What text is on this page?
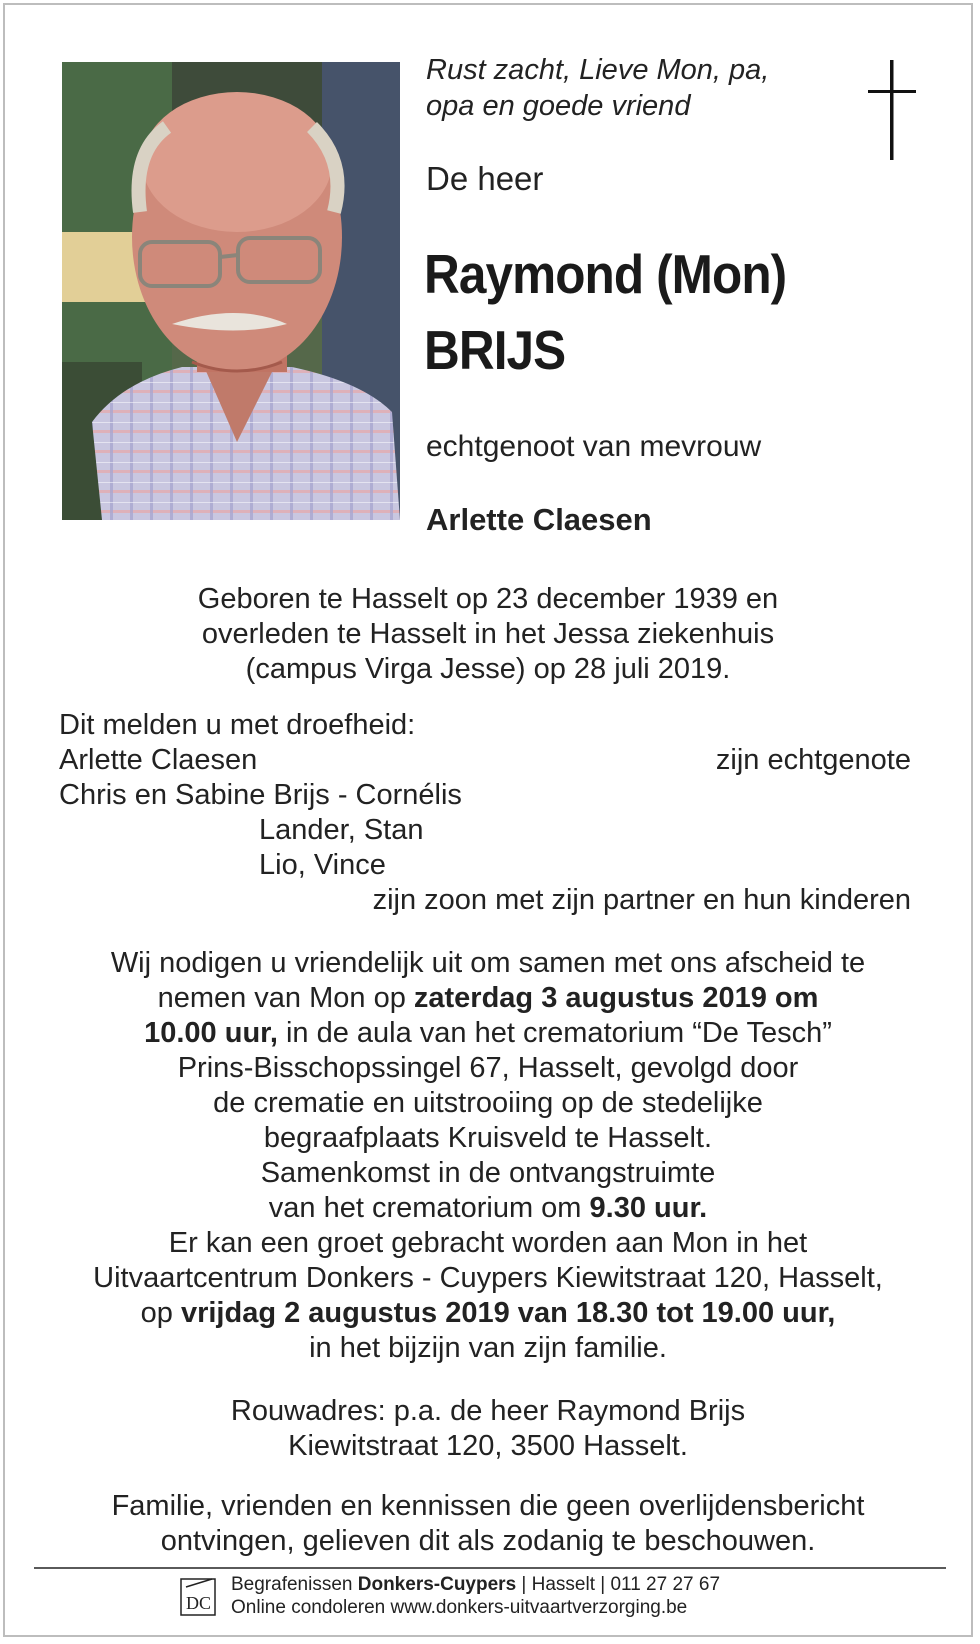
Rust zacht, Lieve Mon, pa,
opa en goede vriend
De heer
Raymond (Mon)
BRIJS
echtgenoot van mevrouw
Arlette Claesen

Geboren te Hasselt op 23 december 1939 en

overleden te Hasselt in het Jessa ziekenhuis

(campus Virga Jesse) op 28 juli 2019.

Dit melden u met droefheid:
Arlette Claesen	zijn echtgenote
Chris en Sabine Brijs - Cornélis
Lander, Stan
Lio, Vince
zijn zoon met zijn partner en hun kinderen

Wij nodigen u vriendelijk uit om samen met ons afscheid te

nemen van Mon op zaterdag 3 augustus 2019 om

10.00 uur, in de aula van het crematorium “De Tesch”

Prins-Bisschopssingel 67, Hasselt, gevolgd door

de crematie en uitstrooiing op de stedelijke

begraafplaats Kruisveld te Hasselt.

Samenkomst in de ontvangstruimte

van het crematorium om 9.30 uur.

Er kan een groet gebracht worden aan Mon in het

Uitvaartcentrum Donkers - Cuypers Kiewitstraat 120, Hasselt,

op vrijdag 2 augustus 2019 van 18.30 tot 19.00 uur,

in het bijzijn van zijn familie.

Rouwadres: p.a. de heer Raymond Brijs

Kiewitstraat 120, 3500 Hasselt.

Familie, vrienden en kennissen die geen overlijdensbericht

ontvingen, gelieven dit als zodanig te beschouwen.

DC
Begrafenissen Donkers-Cuypers | Hasselt | 011 27 27 67
Online condoleren www.donkers-uitvaartverzorging.be
